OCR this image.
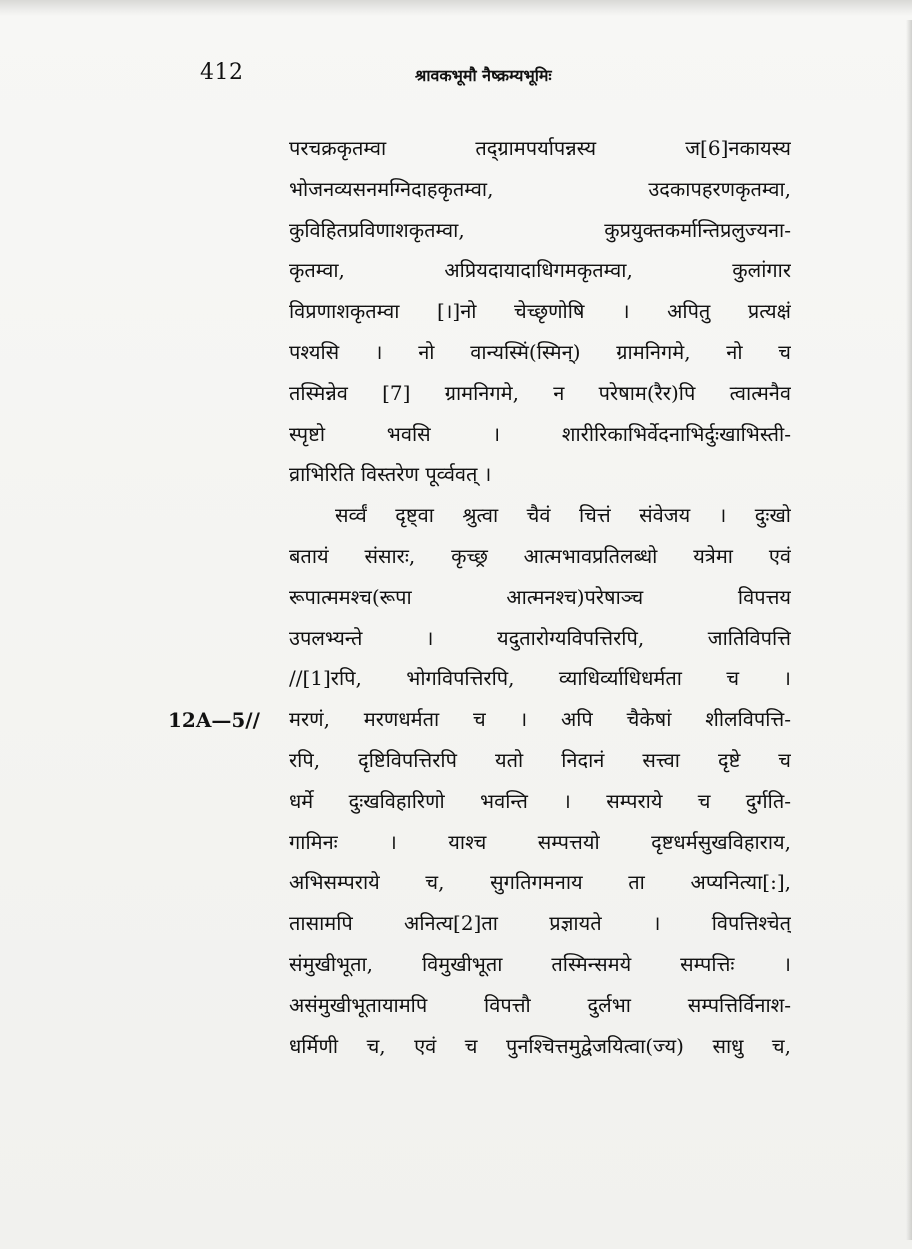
412	श्रावकभूमौ नैष्क्रम्यभूमिः
12A—5//
परचक्रकृतम्वा तद्ग्रामपर्यापन्नस्य ज[6]नकायस्य
भोजनव्यसनमग्निदाहकृतम्वा, उदकापहरणकृतम्वा,
कुविहितप्रविणाशकृतम्वा, कुप्रयुक्तकर्मान्तिप्रलुज्यना-
कृतम्वा, अप्रियदायादाधिगमकृतम्वा, कुलांगार
विप्रणाशकृतम्वा [।]नो चेच्छृणोषि । अपितु प्रत्यक्षं
पश्यसि । नो वान्यस्मिं(स्मिन्) ग्रामनिगमे, नो च
तस्मिन्नेव [7] ग्रामनिगमे, न परेषाम(रैर)पि त्वात्मनैव
स्पृष्टो भवसि । शारीरिकाभिर्वेदनाभिर्दुःखाभिस्ती-
व्राभिरिति विस्तरेण पूर्व्ववत् ।
सर्व्वं दृष्ट्वा श्रुत्वा चैवं चित्तं संवेजय । दुःखो
बतायं संसारः, कृच्छ्र आत्मभावप्रतिलब्धो यत्रेमा एवं
रूपात्ममश्च(रूपा आत्मनश्च)परेषाञ्च विपत्तय
उपलभ्यन्ते । यदुतारोग्यविपत्तिरपि, जातिविपत्ति
//[1]रपि, भोगविपत्तिरपि, व्याधिर्व्याधिधर्मता च ।
मरणं, मरणधर्मता च । अपि चैकेषां शीलविपत्ति-
रपि, दृष्टिविपत्तिरपि यतो निदानं सत्त्वा दृष्टे च
धर्मे दुःखविहारिणो भवन्ति । सम्पराये च दुर्गति-
गामिनः । याश्च सम्पत्तयो दृष्टधर्मसुखविहाराय,
अभिसम्पराये च, सुगतिगमनाय ता अप्यनित्या[:],
तासामपि अनित्य[2]ता प्रज्ञायते । विपत्तिश्चेत्
संमुखीभूता, विमुखीभूता तस्मिन्समये सम्पत्तिः ।
असंमुखीभूतायामपि विपत्तौ दुर्लभा सम्पत्तिर्विनाश-
धर्मिणी च, एवं च पुनश्चित्तमुद्वेजयित्वा(ज्य) साधु च,
